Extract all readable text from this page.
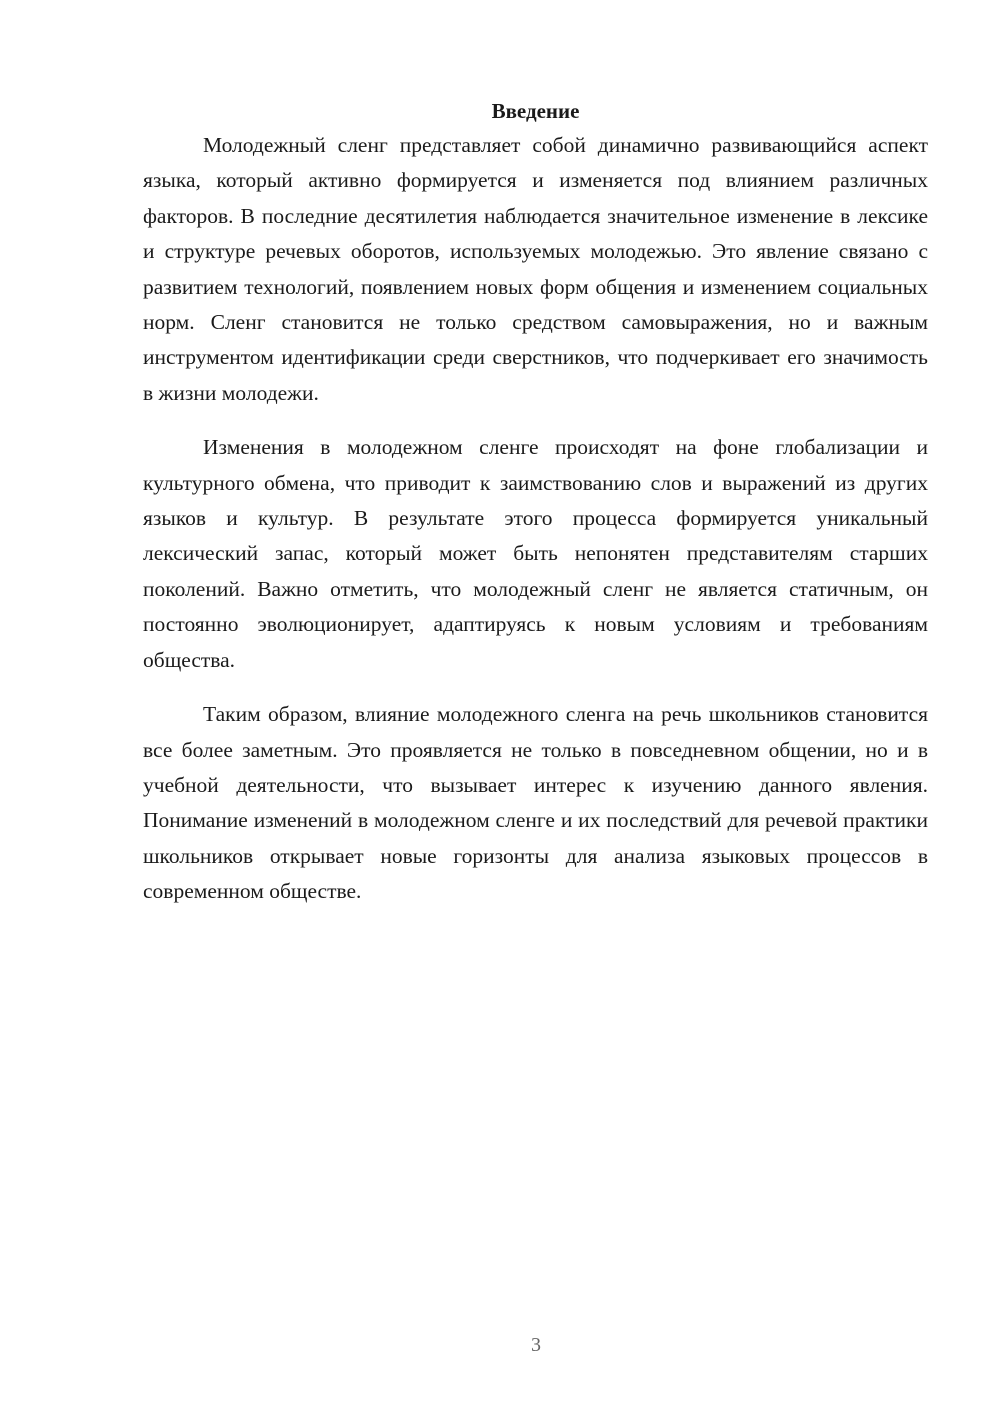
Введение

Молодежный сленг представляет собой динамично развивающийся аспект языка, который активно формируется и изменяется под влиянием различных факторов. В последние десятилетия наблюдается значительное изменение в лексике и структуре речевых оборотов, используемых молодежью. Это явление связано с развитием технологий, появлением новых форм общения и изменением социальных норм. Сленг становится не только средством самовыражения, но и важным инструментом идентификации среди сверстников, что подчеркивает его значимость в жизни молодежи.

Изменения в молодежном сленге происходят на фоне глобализации и культурного обмена, что приводит к заимствованию слов и выражений из других языков и культур. В результате этого процесса формируется уникальный лексический запас, который может быть непонятен представителям старших поколений. Важно отметить, что молодежный сленг не является статичным, он постоянно эволюционирует, адаптируясь к новым условиям и требованиям общества.

Таким образом, влияние молодежного сленга на речь школьников становится все более заметным. Это проявляется не только в повседневном общении, но и в учебной деятельности, что вызывает интерес к изучению данного явления. Понимание изменений в молодежном сленге и их последствий для речевой практики школьников открывает новые горизонты для анализа языковых процессов в современном обществе.

3
